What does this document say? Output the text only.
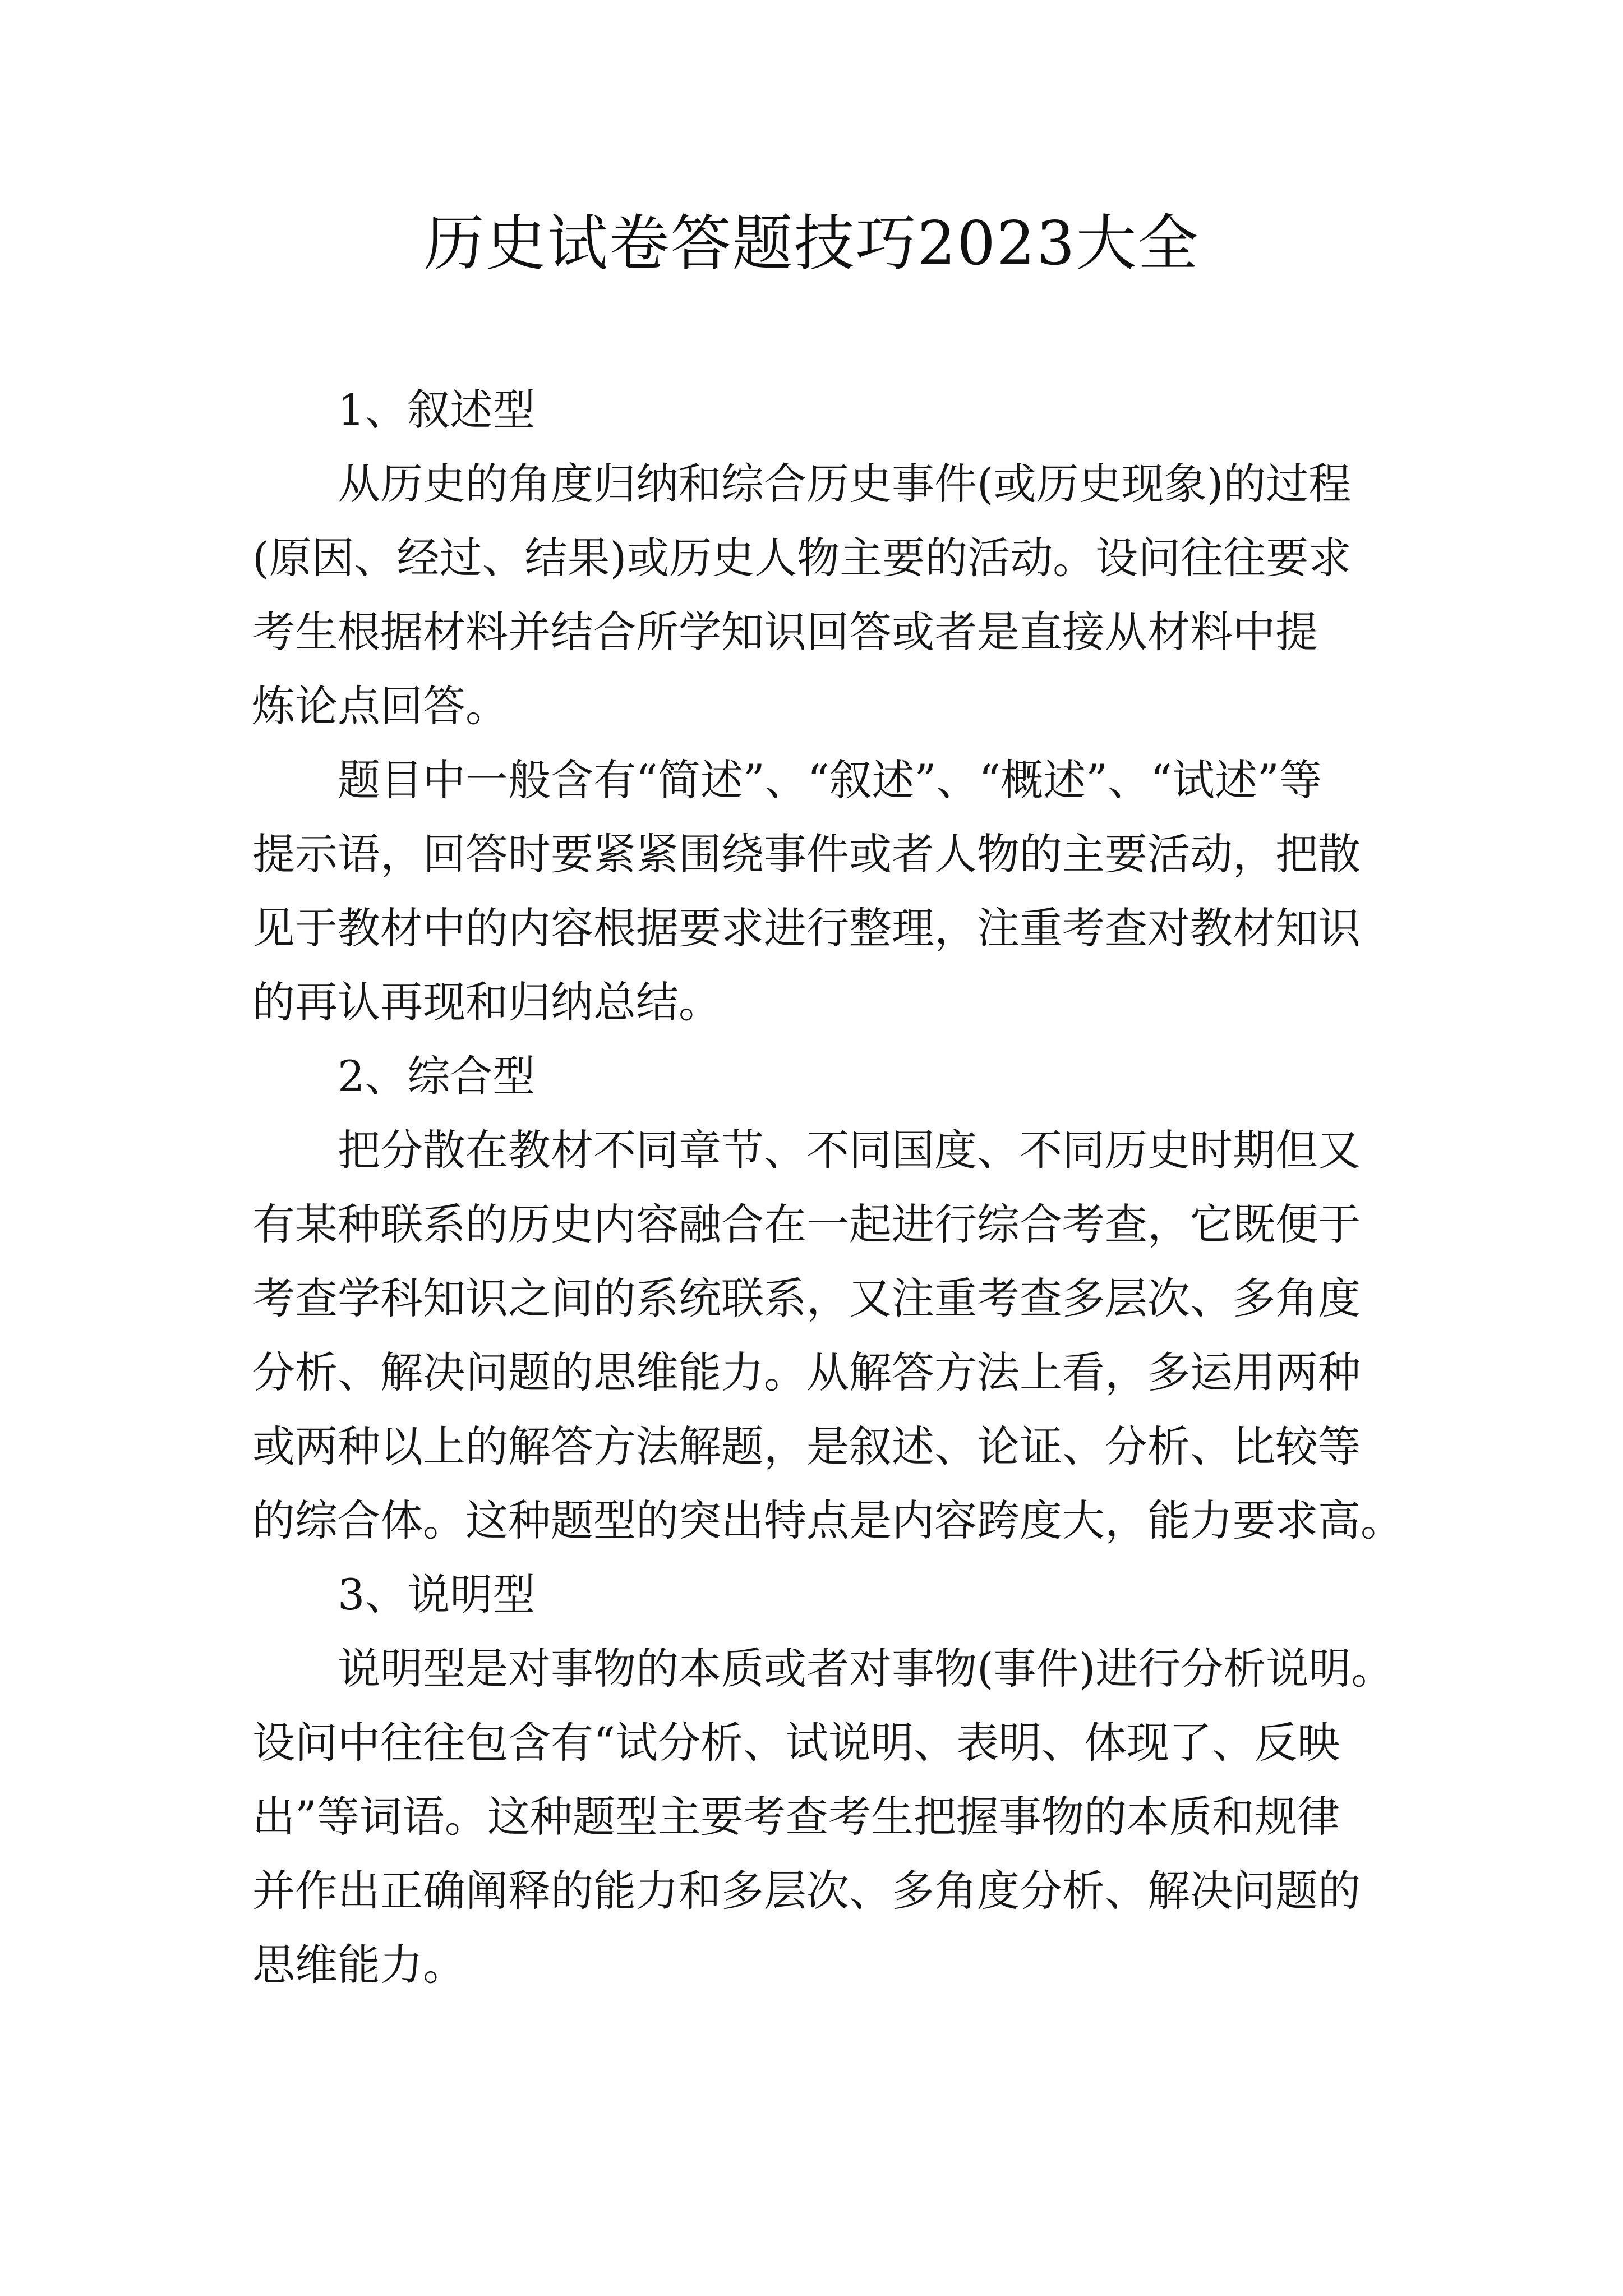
历史试卷答题技巧2023大全
1、叙述型
从历史的角度归纳和综合历史事件(或历史现象)的过程
(原因、经过、结果)或历史人物主要的活动。设问往往要求
考生根据材料并结合所学知识回答或者是直接从材料中提
炼论点回答。
题目中一般含有“简述”、“叙述”、“概述”、“试述”等
提示语，回答时要紧紧围绕事件或者人物的主要活动，把散
见于教材中的内容根据要求进行整理，注重考查对教材知识
的再认再现和归纳总结。
2、综合型
把分散在教材不同章节、不同国度、不同历史时期但又
有某种联系的历史内容融合在一起进行综合考查，它既便于
考查学科知识之间的系统联系，又注重考查多层次、多角度
分析、解决问题的思维能力。从解答方法上看，多运用两种
或两种以上的解答方法解题，是叙述、论证、分析、比较等
的综合体。这种题型的突出特点是内容跨度大，能力要求高。
3、说明型
说明型是对事物的本质或者对事物(事件)进行分析说明。
设问中往往包含有“试分析、试说明、表明、体现了、反映
出”等词语。这种题型主要考查考生把握事物的本质和规律
并作出正确阐释的能力和多层次、多角度分析、解决问题的
思维能力。
